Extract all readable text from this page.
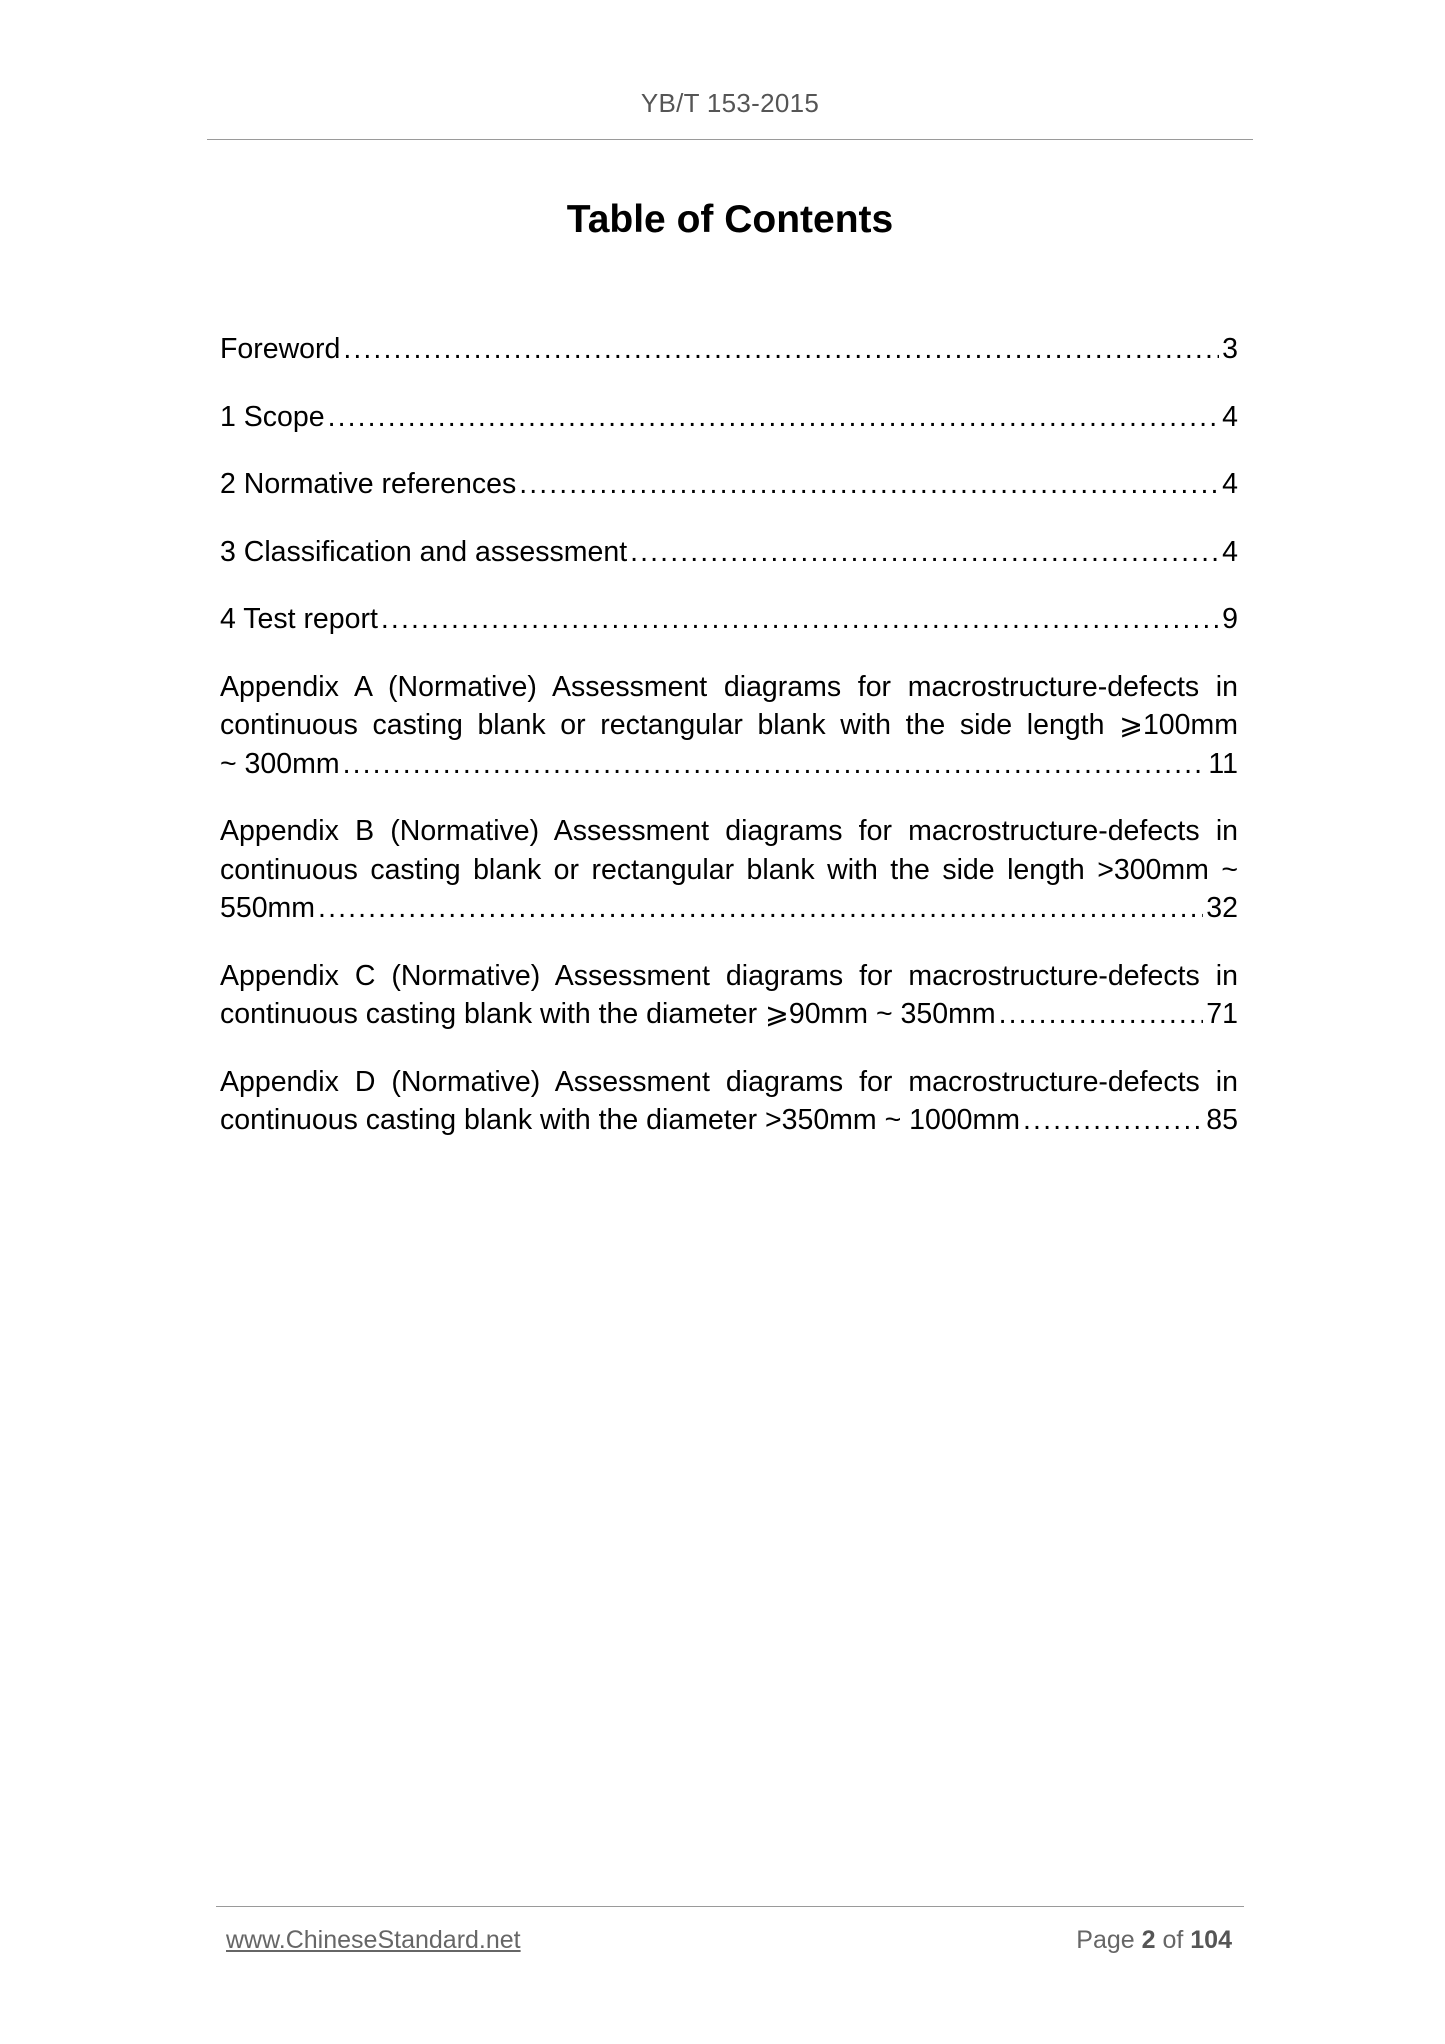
YB/T 153-2015
Table of Contents
Foreword .....	3
1 Scope .....	4
2 Normative references .....	4
3 Classification and assessment .....	4
4 Test report .....	9
Appendix A (Normative) Assessment diagrams for macrostructure-defects in
continuous casting blank or rectangular blank with the side length ⩾100mm
~ 300mm .....	11
Appendix B (Normative) Assessment diagrams for macrostructure-defects in
continuous casting blank or rectangular blank with the side length >300mm ~
550mm .....	32
Appendix C (Normative) Assessment diagrams for macrostructure-defects in
continuous casting blank with the diameter ⩾90mm ~ 350mm .....	71
Appendix D (Normative) Assessment diagrams for macrostructure-defects in
continuous casting blank with the diameter >350mm ~ 1000mm .....	85
www.ChineseStandard.net	Page 2 of 104
